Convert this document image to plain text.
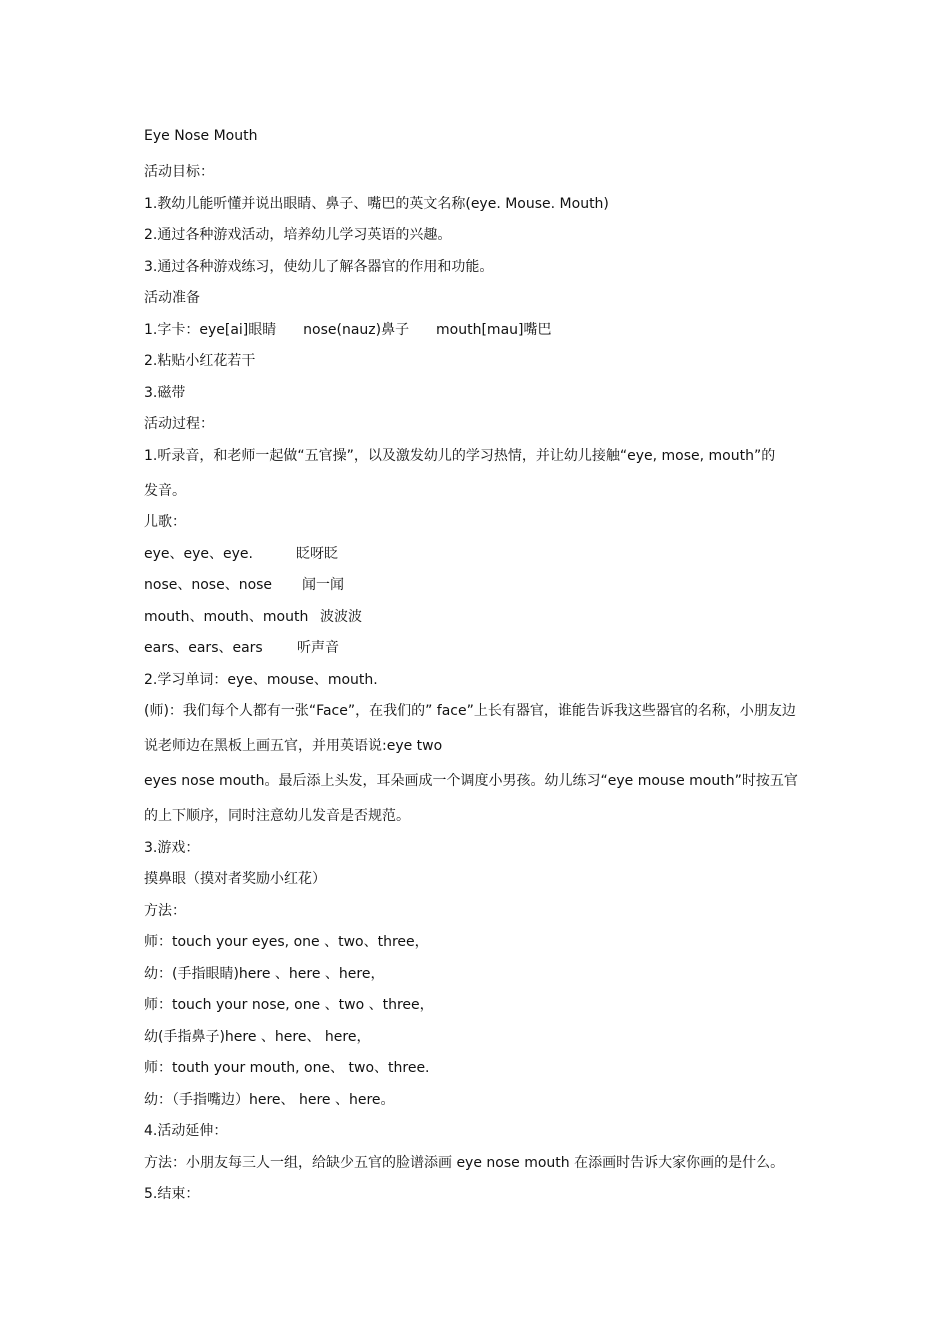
Eye Nose Mouth
活动目标：
1.教幼儿能听懂并说出眼睛、鼻子、嘴巴的英文名称(eye. Mouse. Mouth)
2.通过各种游戏活动，培养幼儿学习英语的兴趣。
3.通过各种游戏练习，使幼儿了解各器官的作用和功能。
活动准备
1.字卡：eye[ai]眼睛 nose(nauz)鼻子 mouth[mau]嘴巴
2.粘贴小红花若干
3.磁带
活动过程：
1.听录音，和老师一起做“五官操”，以及激发幼儿的学习热情，并让幼儿接触“eye, mose, mouth”的
发音。
儿歌：
eye、eye、eye.	眨呀眨
nose、nose、nose 闻一闻
mouth、mouth、mouth 波波波
ears、ears、ears 听声音
2.学习单词：eye、mouse、mouth.
(师)：我们每个人都有一张“Face”，在我们的” face”上长有器官，谁能告诉我这些器官的名称，小朋友边
说老师边在黑板上画五官，并用英语说:eye two
eyes nose mouth。最后添上头发，耳朵画成一个调度小男孩。幼儿练习“eye mouse mouth”时按五官
的上下顺序，同时注意幼儿发音是否规范。
3.游戏：
摸鼻眼（摸对者奖励小红花）
方法：
师：touch your eyes, one 、two、three，
幼：(手指眼睛)here 、here 、here，
师：touch your nose, one 、two 、three，
幼(手指鼻子)here 、here、 here，
师：touth your mouth, one、 two、three.
幼：（手指嘴边）here、 here 、here。
4.活动延伸：
方法：小朋友每三人一组，给缺少五官的脸谱添画 eye nose mouth 在添画时告诉大家你画的是什么。
5.结束：
